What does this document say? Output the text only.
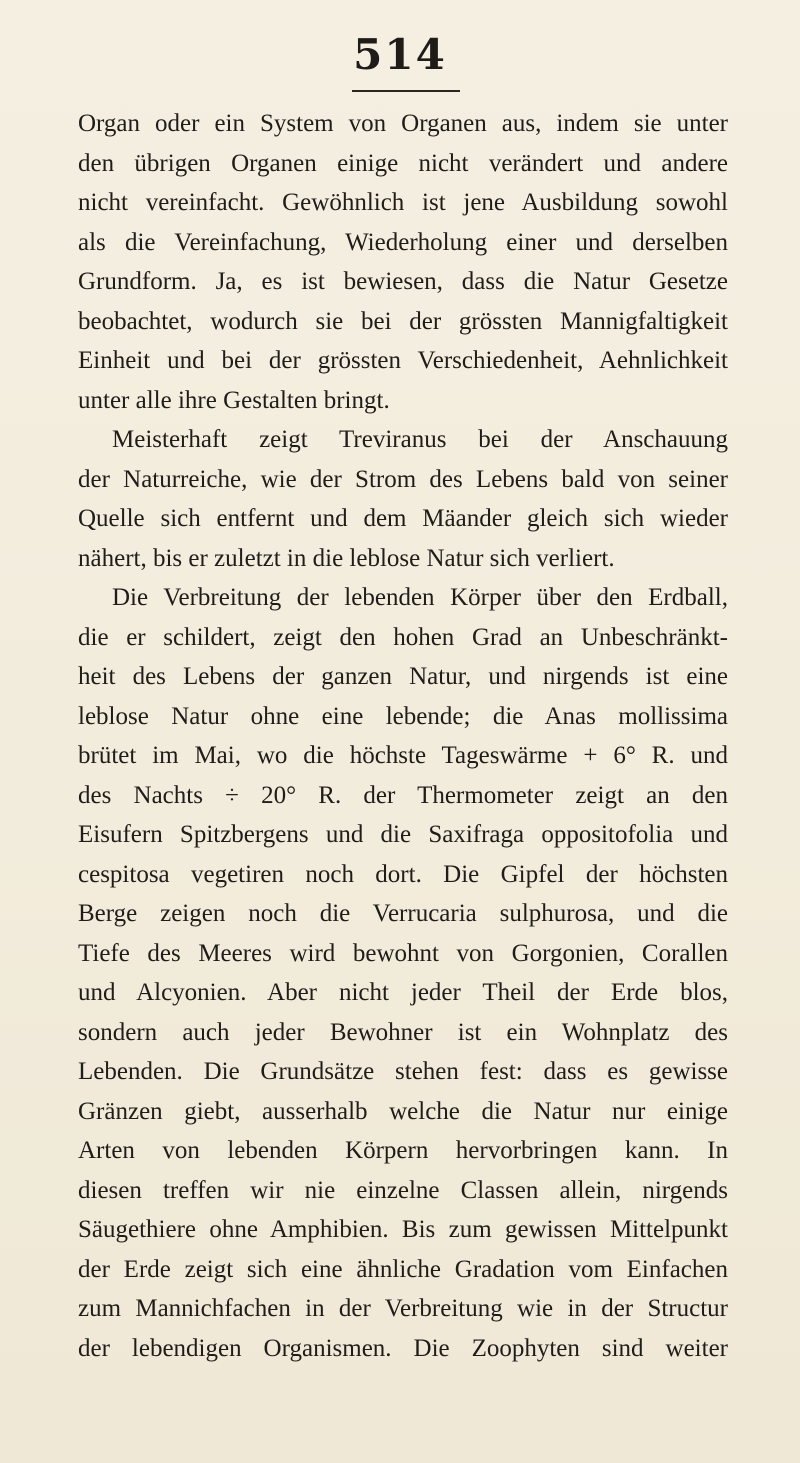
514
Organ oder ein System von Organen aus, indem sie unter
den übrigen Organen einige nicht verändert und andere
nicht vereinfacht. Gewöhnlich ist jene Ausbildung sowohl
als die Vereinfachung, Wiederholung einer und derselben
Grundform. Ja, es ist bewiesen, dass die Natur Gesetze
beobachtet, wodurch sie bei der grössten Mannigfaltigkeit
Einheit und bei der grössten Verschiedenheit, Aehnlichkeit
unter alle ihre Gestalten bringt.
Meisterhaft zeigt Treviranus bei der Anschauung
der Naturreiche, wie der Strom des Lebens bald von seiner
Quelle sich entfernt und dem Mäander gleich sich wieder
nähert, bis er zuletzt in die leblose Natur sich verliert.
Die Verbreitung der lebenden Körper über den Erdball,
die er schildert, zeigt den hohen Grad an Unbeschränkt-
heit des Lebens der ganzen Natur, und nirgends ist eine
leblose Natur ohne eine lebende; die Anas mollissima
brütet im Mai, wo die höchste Tageswärme + 6° R. und
des Nachts ÷ 20° R. der Thermometer zeigt an den
Eisufern Spitzbergens und die Saxifraga oppositofolia und
cespitosa vegetiren noch dort. Die Gipfel der höchsten
Berge zeigen noch die Verrucaria sulphurosa, und die
Tiefe des Meeres wird bewohnt von Gorgonien, Corallen
und Alcyonien. Aber nicht jeder Theil der Erde blos,
sondern auch jeder Bewohner ist ein Wohnplatz des
Lebenden. Die Grundsätze stehen fest: dass es gewisse
Gränzen giebt, ausserhalb welche die Natur nur einige
Arten von lebenden Körpern hervorbringen kann. In
diesen treffen wir nie einzelne Classen allein, nirgends
Säugethiere ohne Amphibien. Bis zum gewissen Mittelpunkt
der Erde zeigt sich eine ähnliche Gradation vom Einfachen
zum Mannichfachen in der Verbreitung wie in der Structur
der lebendigen Organismen. Die Zoophyten sind weiter
